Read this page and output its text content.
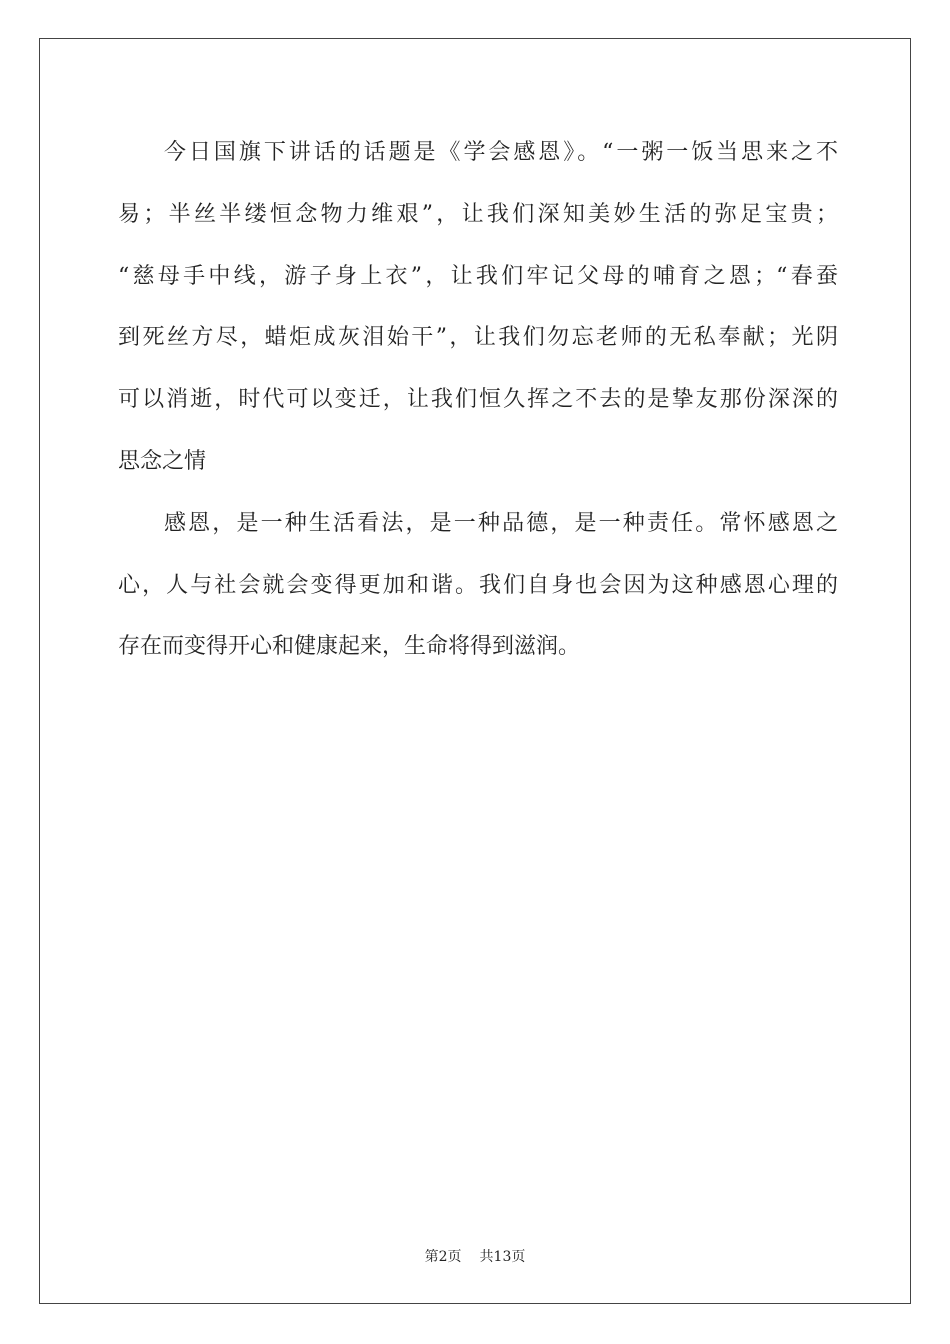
今日国旗下讲话的话题是《学会感恩》。“一粥一饭当思来之不
易；半丝半缕恒念物力维艰”，让我们深知美妙生活的弥足宝贵；
“慈母手中线，游子身上衣”，让我们牢记父母的哺育之恩；“春蚕
到死丝方尽，蜡炬成灰泪始干”，让我们勿忘老师的无私奉献；光阴
可以消逝，时代可以变迁，让我们恒久挥之不去的是挚友那份深深的
思念之情
感恩，是一种生活看法，是一种品德，是一种责任。常怀感恩之
心，人与社会就会变得更加和谐。我们自身也会因为这种感恩心理的
存在而变得开心和健康起来，生命将得到滋润。
第2页 共13页
